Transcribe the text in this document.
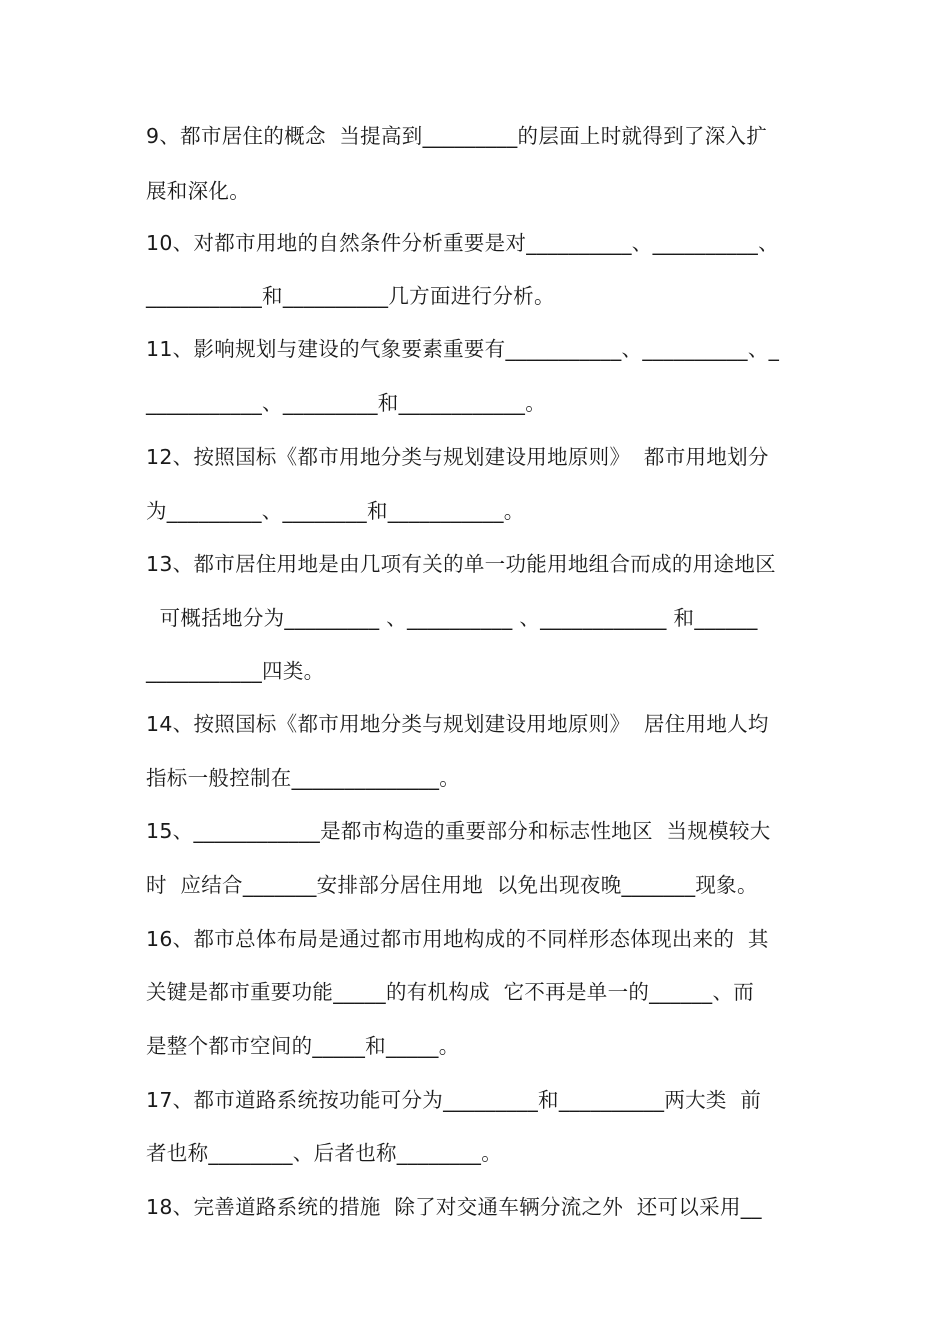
9、都市居住的概念  当提高到_________的层面上时就得到了深入扩
展和深化。
10、对都市用地的自然条件分析重要是对__________、__________、
___________和__________几方面进行分析。
11、影响规划与建设的气象要素重要有___________、__________、_
___________、_________和____________。
12、按照国标《都市用地分类与规划建设用地原则》  都市用地划分
为_________、________和___________。
13、都市居住用地是由几项有关的单一功能用地组合而成的用途地区
可概括地分为_________ 、__________ 、____________ 和______
___________四类。
14、按照国标《都市用地分类与规划建设用地原则》  居住用地人均
指标一般控制在______________。
15、____________是都市构造的重要部分和标志性地区  当规模较大
时  应结合_______安排部分居住用地  以免出现夜晚_______现象。
16、都市总体布局是通过都市用地构成的不同样形态体现出来的  其
关键是都市重要功能_____的有机构成  它不再是单一的______、而
是整个都市空间的_____和_____。
17、都市道路系统按功能可分为_________和__________两大类  前
者也称________、后者也称________。
18、完善道路系统的措施  除了对交通车辆分流之外  还可以采用__
